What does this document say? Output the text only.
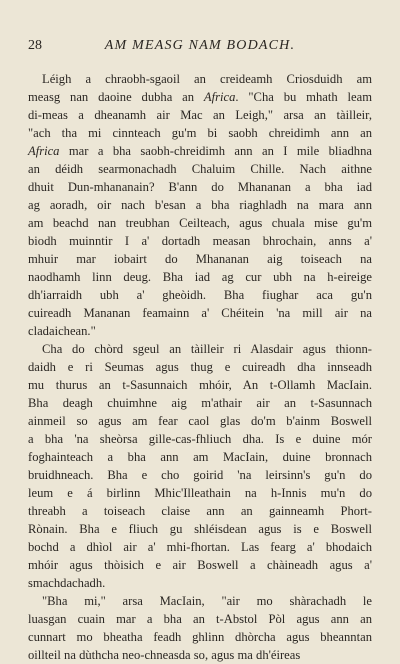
28	AM MEASG NAM BODACH.
Léigh a chraobh-sgaoil an creideamh Criosduidh am
measg nan daoine dubha an Africa. "Cha bu mhath leam
di-meas a dheanamh air Mac an Leigh," arsa an tàilleir,
"ach tha mi cinnteach gu'm bi saobh chreidimh ann an
Africa mar a bha saobh-chreidimh ann an I mile bliadhna
an déidh searmonachadh Chaluim Chille. Nach aithne
dhuit Dun-mhananain? B'ann do Mhananan a bha iad
ag aoradh, oir nach b'esan a bha riaghladh na mara ann
am beachd nan treubhan Ceilteach, agus chuala mise gu'm
biodh muinntir I a' dortadh measan bhrochain, anns a'
mhuir mar iobairt do Mhananan aig toiseach na
naodhamh linn deug. Bha iad ag cur ubh na h-eireige
dh'iarraidh ubh a' gheòidh. Bha fiughar aca gu'n
cuireadh Mananan feamainn a' Chéitein 'na mill air na
cladaichean."
Cha do chòrd sgeul an tàilleir ri Alasdair agus thionn-
daidh e ri Seumas agus thug e cuireadh dha innseadh
mu thurus an t-Sasunnaich mhóir, An t-Ollamh MacIain.
Bha deagh chuimhne aig m'athair air an t-Sasunnach
ainmeil so agus am fear caol glas do'm b'ainm Boswell
a bha 'na sheòrsa gille-cas-fhliuch dha. Is e duine mór
foghainteach a bha ann am MacIain, duine bronnach
bruidhneach. Bha e cho goirid 'na leirsinn's gu'n do
leum e á birlinn Mhic'Illeathain na h-Innis mu'n do
threabh a toiseach claise ann an gainneamh Phort-
Rònain. Bha e fliuch gu shléisdean agus is e Boswell
bochd a dhìol air a' mhi-fhortan. Las fearg a' bhodaich
mhóir agus thòisich e air Boswell a chàineadh agus a'
smachdachadh.
"Bha mi," arsa MacIain, "air mo shàrachadh le
luasgan cuain mar a bha an t-Abstol Pòl agus ann an
cunnart mo bheatha feadh ghlinn dhòrcha agus bheanntan
oillteil na dùthcha neo-chneasda so, agus ma dh'éireas
